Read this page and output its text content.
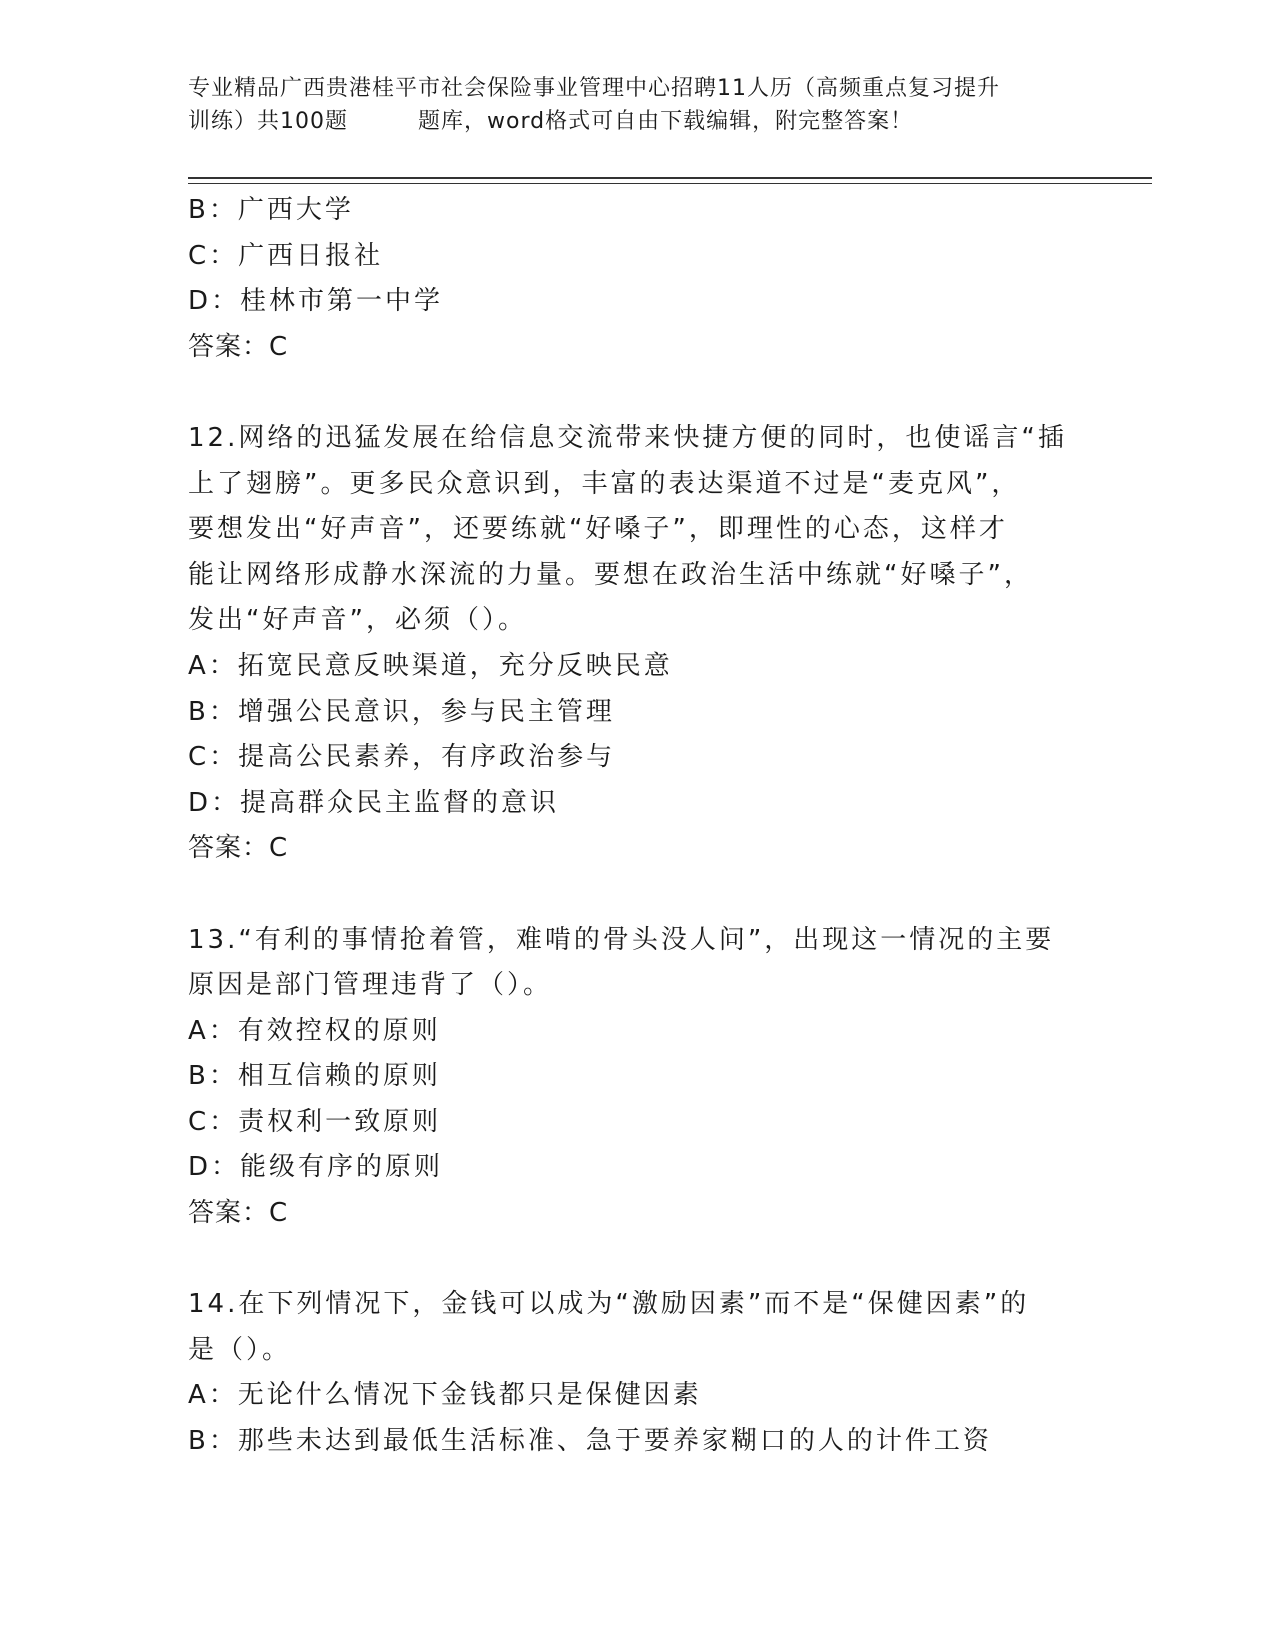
专业精品广西贵港桂平市社会保险事业管理中心招聘11人历（高频重点复习提升
训练）共100题	题库，word格式可自由下载编辑，附完整答案！

B：广西大学

C：广西日报社

D：桂林市第一中学

答案：C

12.网络的迅猛发展在给信息交流带来快捷方便的同时，也使谣言“插

上了翅膀”。更多民众意识到，丰富的表达渠道不过是“麦克风”，

要想发出“好声音”，还要练就“好嗓子”，即理性的心态，这样才

能让网络形成静水深流的力量。要想在政治生活中练就“好嗓子”，

发出“好声音”，必须（）。

A：拓宽民意反映渠道，充分反映民意

B：增强公民意识，参与民主管理

C：提高公民素养，有序政治参与

D：提高群众民主监督的意识

答案：C

13.“有利的事情抢着管，难啃的骨头没人问”，出现这一情况的主要

原因是部门管理违背了（）。

A：有效控权的原则

B：相互信赖的原则

C：责权利一致原则

D：能级有序的原则

答案：C

14.在下列情况下，金钱可以成为“激励因素”而不是“保健因素”的

是（）。

A：无论什么情况下金钱都只是保健因素

B：那些未达到最低生活标准、急于要养家糊口的人的计件工资
